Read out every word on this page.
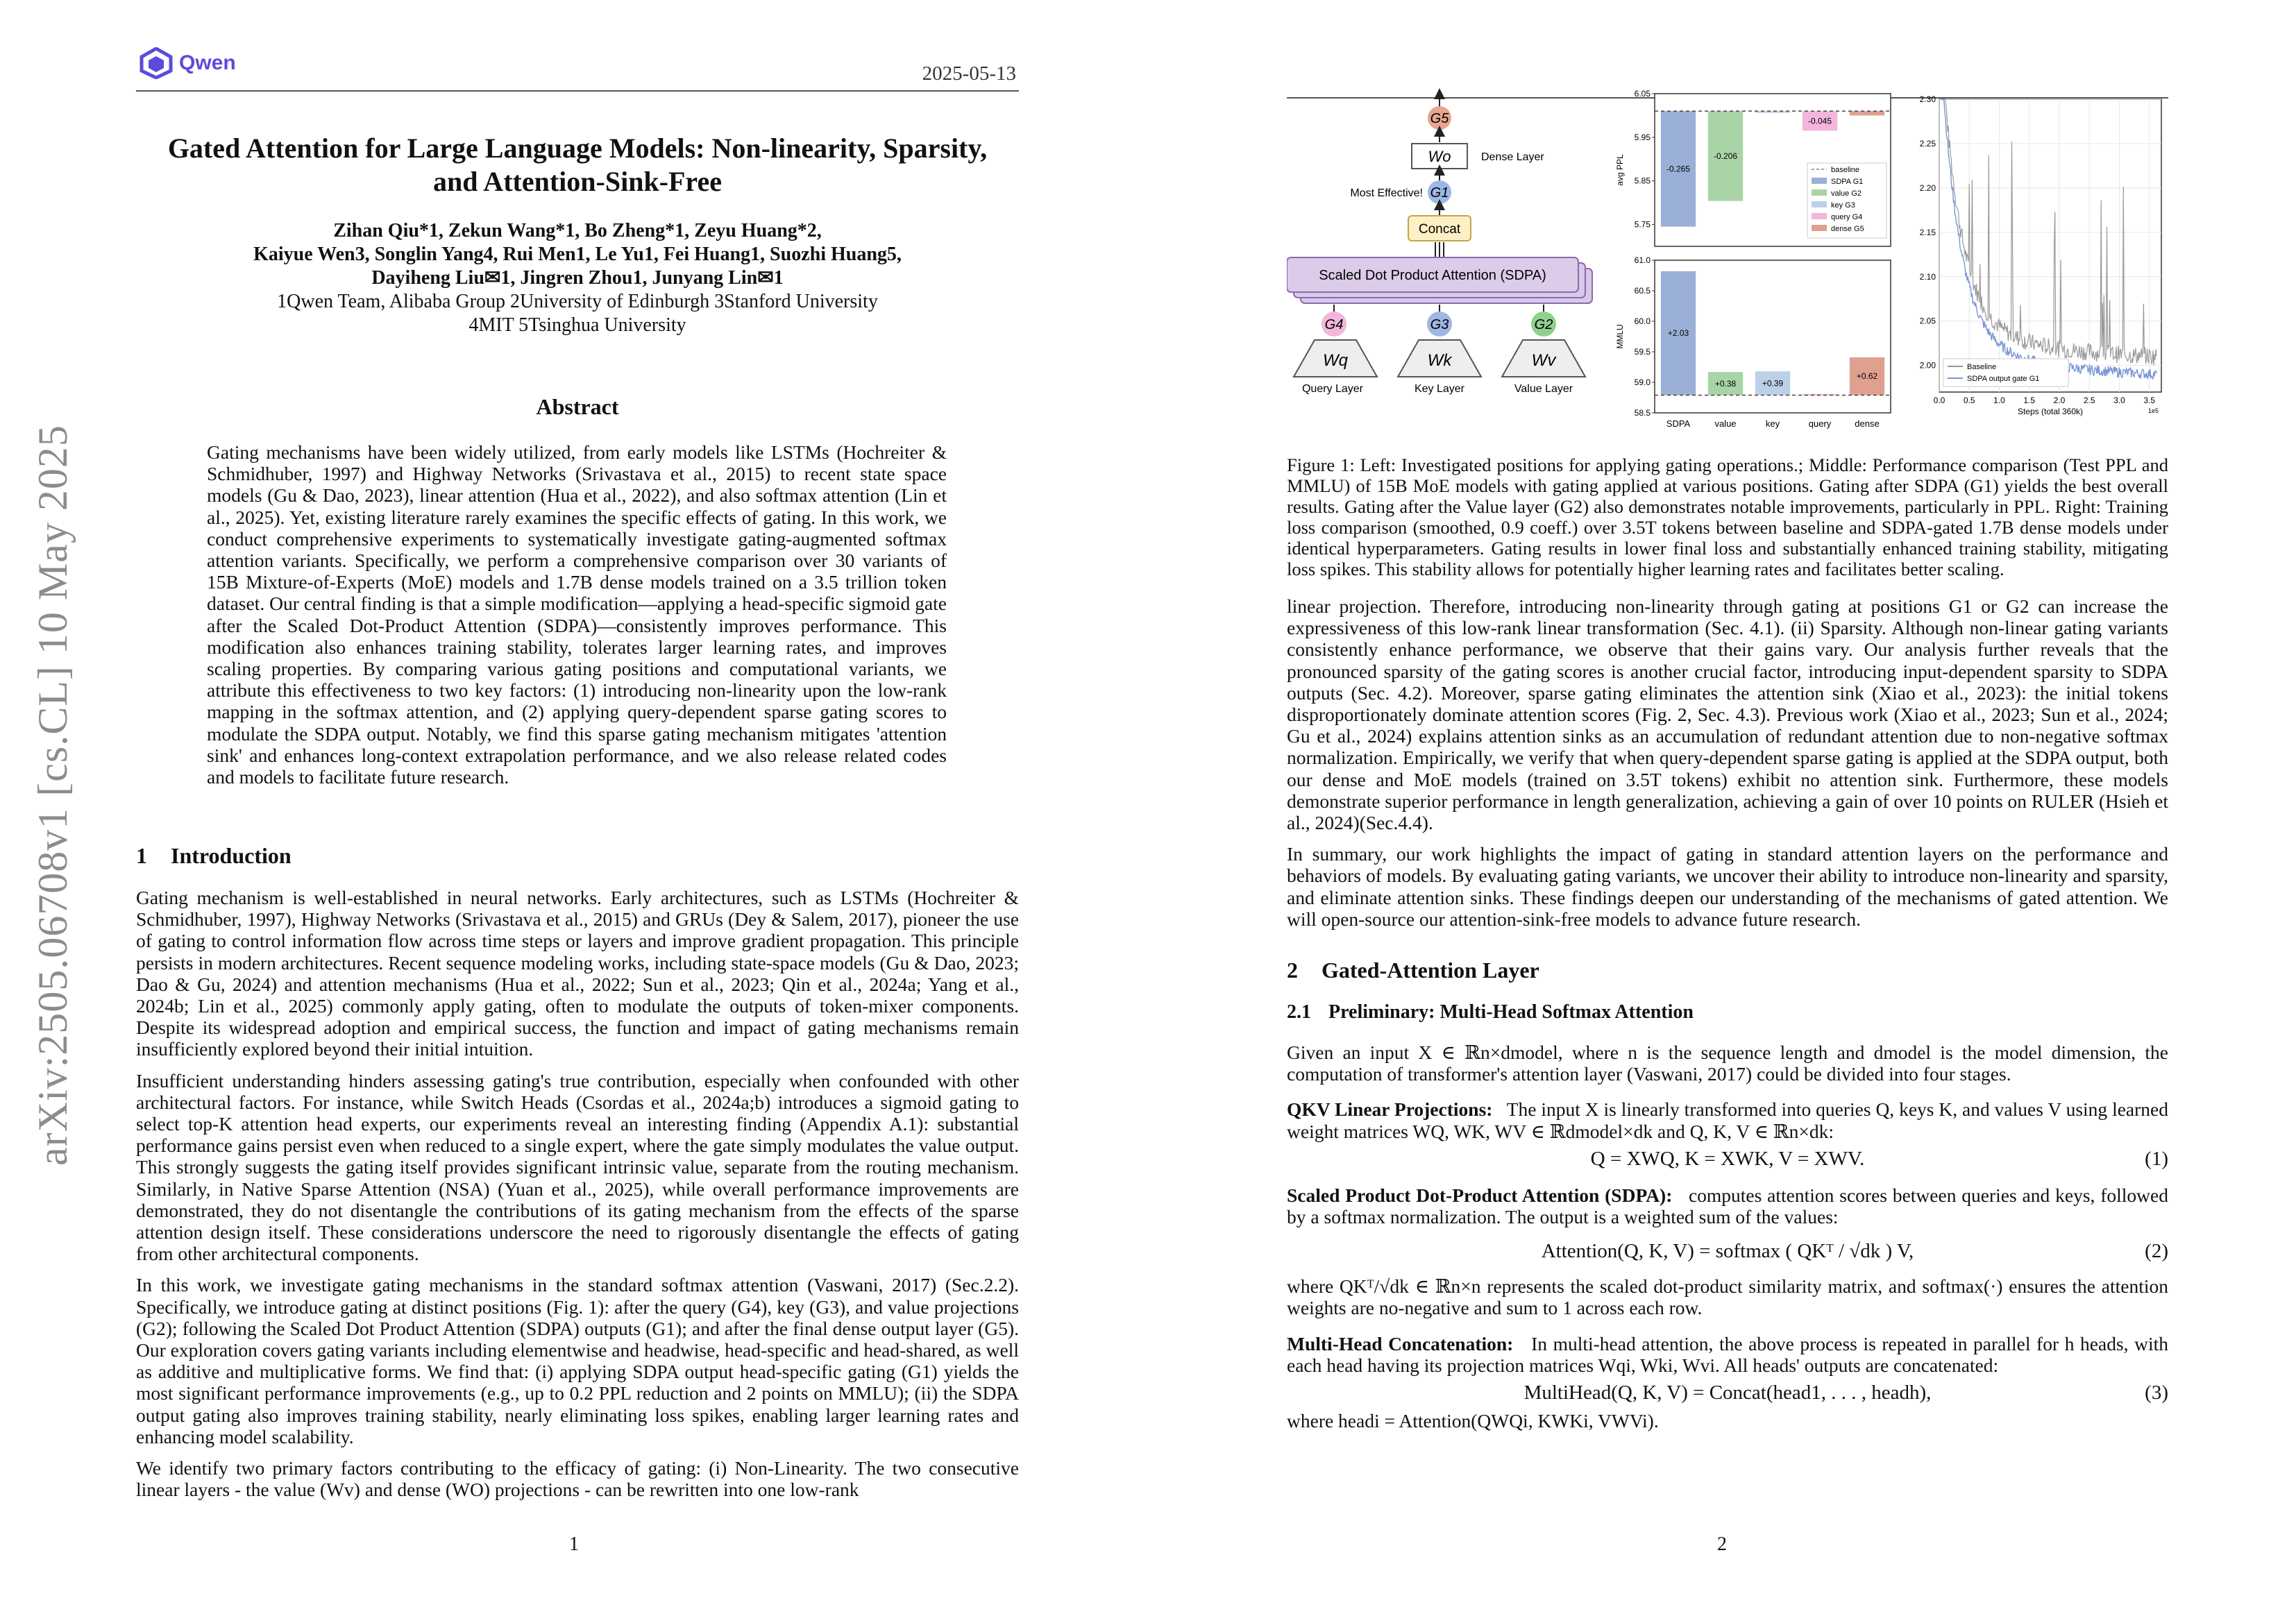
arXiv:2505.06708v1 [cs.CL] 10 May 2025
Qwen	2025-05-13
Gated Attention for Large Language Models: Non-linearity, Sparsity,
and Attention-Sink-Free
Zihan Qiu*1, Zekun Wang*1, Bo Zheng*1, Zeyu Huang*2,
Kaiyue Wen3, Songlin Yang4, Rui Men1, Le Yu1, Fei Huang1, Suozhi Huang5,
Dayiheng Liu✉1, Jingren Zhou1, Junyang Lin✉1
1Qwen Team, Alibaba Group 2University of Edinburgh 3Stanford University
4MIT 5Tsinghua University
Abstract
Gating mechanisms have been widely utilized, from early models like LSTMs (Hochreiter & Schmidhuber, 1997) and Highway Networks (Srivastava et al., 2015) to recent state space models (Gu & Dao, 2023), linear attention (Hua et al., 2022), and also softmax attention (Lin et al., 2025). Yet, existing literature rarely examines the specific effects of gating. In this work, we conduct comprehensive experiments to systematically investigate gating-augmented softmax attention variants. Specifically, we perform a comprehensive comparison over 30 variants of 15B Mixture-of-Experts (MoE) models and 1.7B dense models trained on a 3.5 trillion token dataset. Our central finding is that a simple modification—applying a head-specific sigmoid gate after the Scaled Dot-Product Attention (SDPA)—consistently improves performance. This modification also enhances training stability, tolerates larger learning rates, and improves scaling properties. By comparing various gating positions and computational variants, we attribute this effectiveness to two key factors: (1) introducing non-linearity upon the low-rank mapping in the softmax attention, and (2) applying query-dependent sparse gating scores to modulate the SDPA output. Notably, we find this sparse gating mechanism mitigates 'attention sink' and enhances long-context extrapolation performance, and we also release related codes and models to facilitate future research.
1 Introduction

Gating mechanism is well-established in neural networks. Early architectures, such as LSTMs (Hochreiter & Schmidhuber, 1997), Highway Networks (Srivastava et al., 2015) and GRUs (Dey & Salem, 2017), pioneer the use of gating to control information flow across time steps or layers and improve gradient propagation. This principle persists in modern architectures. Recent sequence modeling works, including state-space models (Gu & Dao, 2023; Dao & Gu, 2024) and attention mechanisms (Hua et al., 2022; Sun et al., 2023; Qin et al., 2024a; Yang et al., 2024b; Lin et al., 2025) commonly apply gating, often to modulate the outputs of token-mixer components. Despite its widespread adoption and empirical success, the function and impact of gating mechanisms remain insufficiently explored beyond their initial intuition.

Insufficient understanding hinders assessing gating's true contribution, especially when confounded with other architectural factors. For instance, while Switch Heads (Csordas et al., 2024a;b) introduces a sigmoid gating to select top-K attention head experts, our experiments reveal an interesting finding (Appendix A.1): substantial performance gains persist even when reduced to a single expert, where the gate simply modulates the value output. This strongly suggests the gating itself provides significant intrinsic value, separate from the routing mechanism. Similarly, in Native Sparse Attention (NSA) (Yuan et al., 2025), while overall performance improvements are demonstrated, they do not disentangle the contributions of its gating mechanism from the effects of the sparse attention design itself. These considerations underscore the need to rigorously disentangle the effects of gating from other architectural components.

In this work, we investigate gating mechanisms in the standard softmax attention (Vaswani, 2017) (Sec.2.2). Specifically, we introduce gating at distinct positions (Fig. 1): after the query (G4), key (G3), and value projections (G2); following the Scaled Dot Product Attention (SDPA) outputs (G1); and after the final dense output layer (G5). Our exploration covers gating variants including elementwise and headwise, head-specific and head-shared, as well as additive and multiplicative forms. We find that: (i) applying SDPA output head-specific gating (G1) yields the most significant performance improvements (e.g., up to 0.2 PPL reduction and 2 points on MMLU); (ii) the SDPA output gating also improves training stability, nearly eliminating loss spikes, enabling larger learning rates and enhancing model scalability.

We identify two primary factors contributing to the efficacy of gating: (i) Non-Linearity. The two consecutive linear layers - the value (Wv) and dense (WO) projections - can be rewritten into one low-rank

1
G5
Wo	Dense Layer
G1
Most Effective!
Concat
Scaled Dot Product Attention (SDPA)
G4	G3	G2
Wq	Wk	Wv
Query Layer	Key Layer	Value Layer
6.05
5.95
5.85
5.75
avg PPL	-0.265
-0.206
-0.045
baseline
SDPA G1
value G2
key G3
query G4
dense G5
61.0
60.5
60.0
59.5
59.0
58.5
MMLU	+2.03
SDPA
+0.38
value
+0.39
key	query
+0.62
dense
2.30
2.25
2.20
2.15
2.10
2.05
2.00
0.0 0.5 1.0 1.5 2.0 2.5 3.0 3.5
1e5
Steps (total 360k)
Baseline
SDPA output gate G1
Figure 1: Left: Investigated positions for applying gating operations.; Middle: Performance comparison (Test PPL and MMLU) of 15B MoE models with gating applied at various positions. Gating after SDPA (G1) yields the best overall results. Gating after the Value layer (G2) also demonstrates notable improvements, particularly in PPL. Right: Training loss comparison (smoothed, 0.9 coeff.) over 3.5T tokens between baseline and SDPA-gated 1.7B dense models under identical hyperparameters. Gating results in lower final loss and substantially enhanced training stability, mitigating loss spikes. This stability allows for potentially higher learning rates and facilitates better scaling.

linear projection. Therefore, introducing non-linearity through gating at positions G1 or G2 can increase the expressiveness of this low-rank linear transformation (Sec. 4.1). (ii) Sparsity. Although non-linear gating variants consistently enhance performance, we observe that their gains vary. Our analysis further reveals that the pronounced sparsity of the gating scores is another crucial factor, introducing input-dependent sparsity to SDPA outputs (Sec. 4.2). Moreover, sparse gating eliminates the attention sink (Xiao et al., 2023): the initial tokens disproportionately dominate attention scores (Fig. 2, Sec. 4.3). Previous work (Xiao et al., 2023; Sun et al., 2024; Gu et al., 2024) explains attention sinks as an accumulation of redundant attention due to non-negative softmax normalization. Empirically, we verify that when query-dependent sparse gating is applied at the SDPA output, both our dense and MoE models (trained on 3.5T tokens) exhibit no attention sink. Furthermore, these models demonstrate superior performance in length generalization, achieving a gain of over 10 points on RULER (Hsieh et al., 2024)(Sec.4.4).

In summary, our work highlights the impact of gating in standard attention layers on the performance and behaviors of models. By evaluating gating variants, we uncover their ability to introduce non-linearity and sparsity, and eliminate attention sinks. These findings deepen our understanding of the mechanisms of gated attention. We will open-source our attention-sink-free models to advance future research.

2 Gated-Attention Layer
2.1 Preliminary: Multi-Head Softmax Attention

Given an input X ∈ ℝn×dmodel, where n is the sequence length and dmodel is the model dimension, the computation of transformer's attention layer (Vaswani, 2017) could be divided into four stages.

QKV Linear Projections: The input X is linearly transformed into queries Q, keys K, and values V using learned weight matrices WQ, WK, WV ∈ ℝdmodel×dk and Q, K, V ∈ ℝn×dk:

Q = XWQ, K = XWK, V = XWV.	(1)

Scaled Product Dot-Product Attention (SDPA): computes attention scores between queries and keys, followed by a softmax normalization. The output is a weighted sum of the values:

Attention(Q, K, V) = softmax ( QKᵀ / √dk ) V,	(2)

where QKᵀ/√dk ∈ ℝn×n represents the scaled dot-product similarity matrix, and softmax(·) ensures the attention weights are no-negative and sum to 1 across each row.

Multi-Head Concatenation: In multi-head attention, the above process is repeated in parallel for h heads, with each head having its projection matrices Wqi, Wki, Wvi. All heads' outputs are concatenated:

MultiHead(Q, K, V) = Concat(head1, . . . , headh),	(3)

where headi = Attention(QWQi, KWKi, VWVi).

2
